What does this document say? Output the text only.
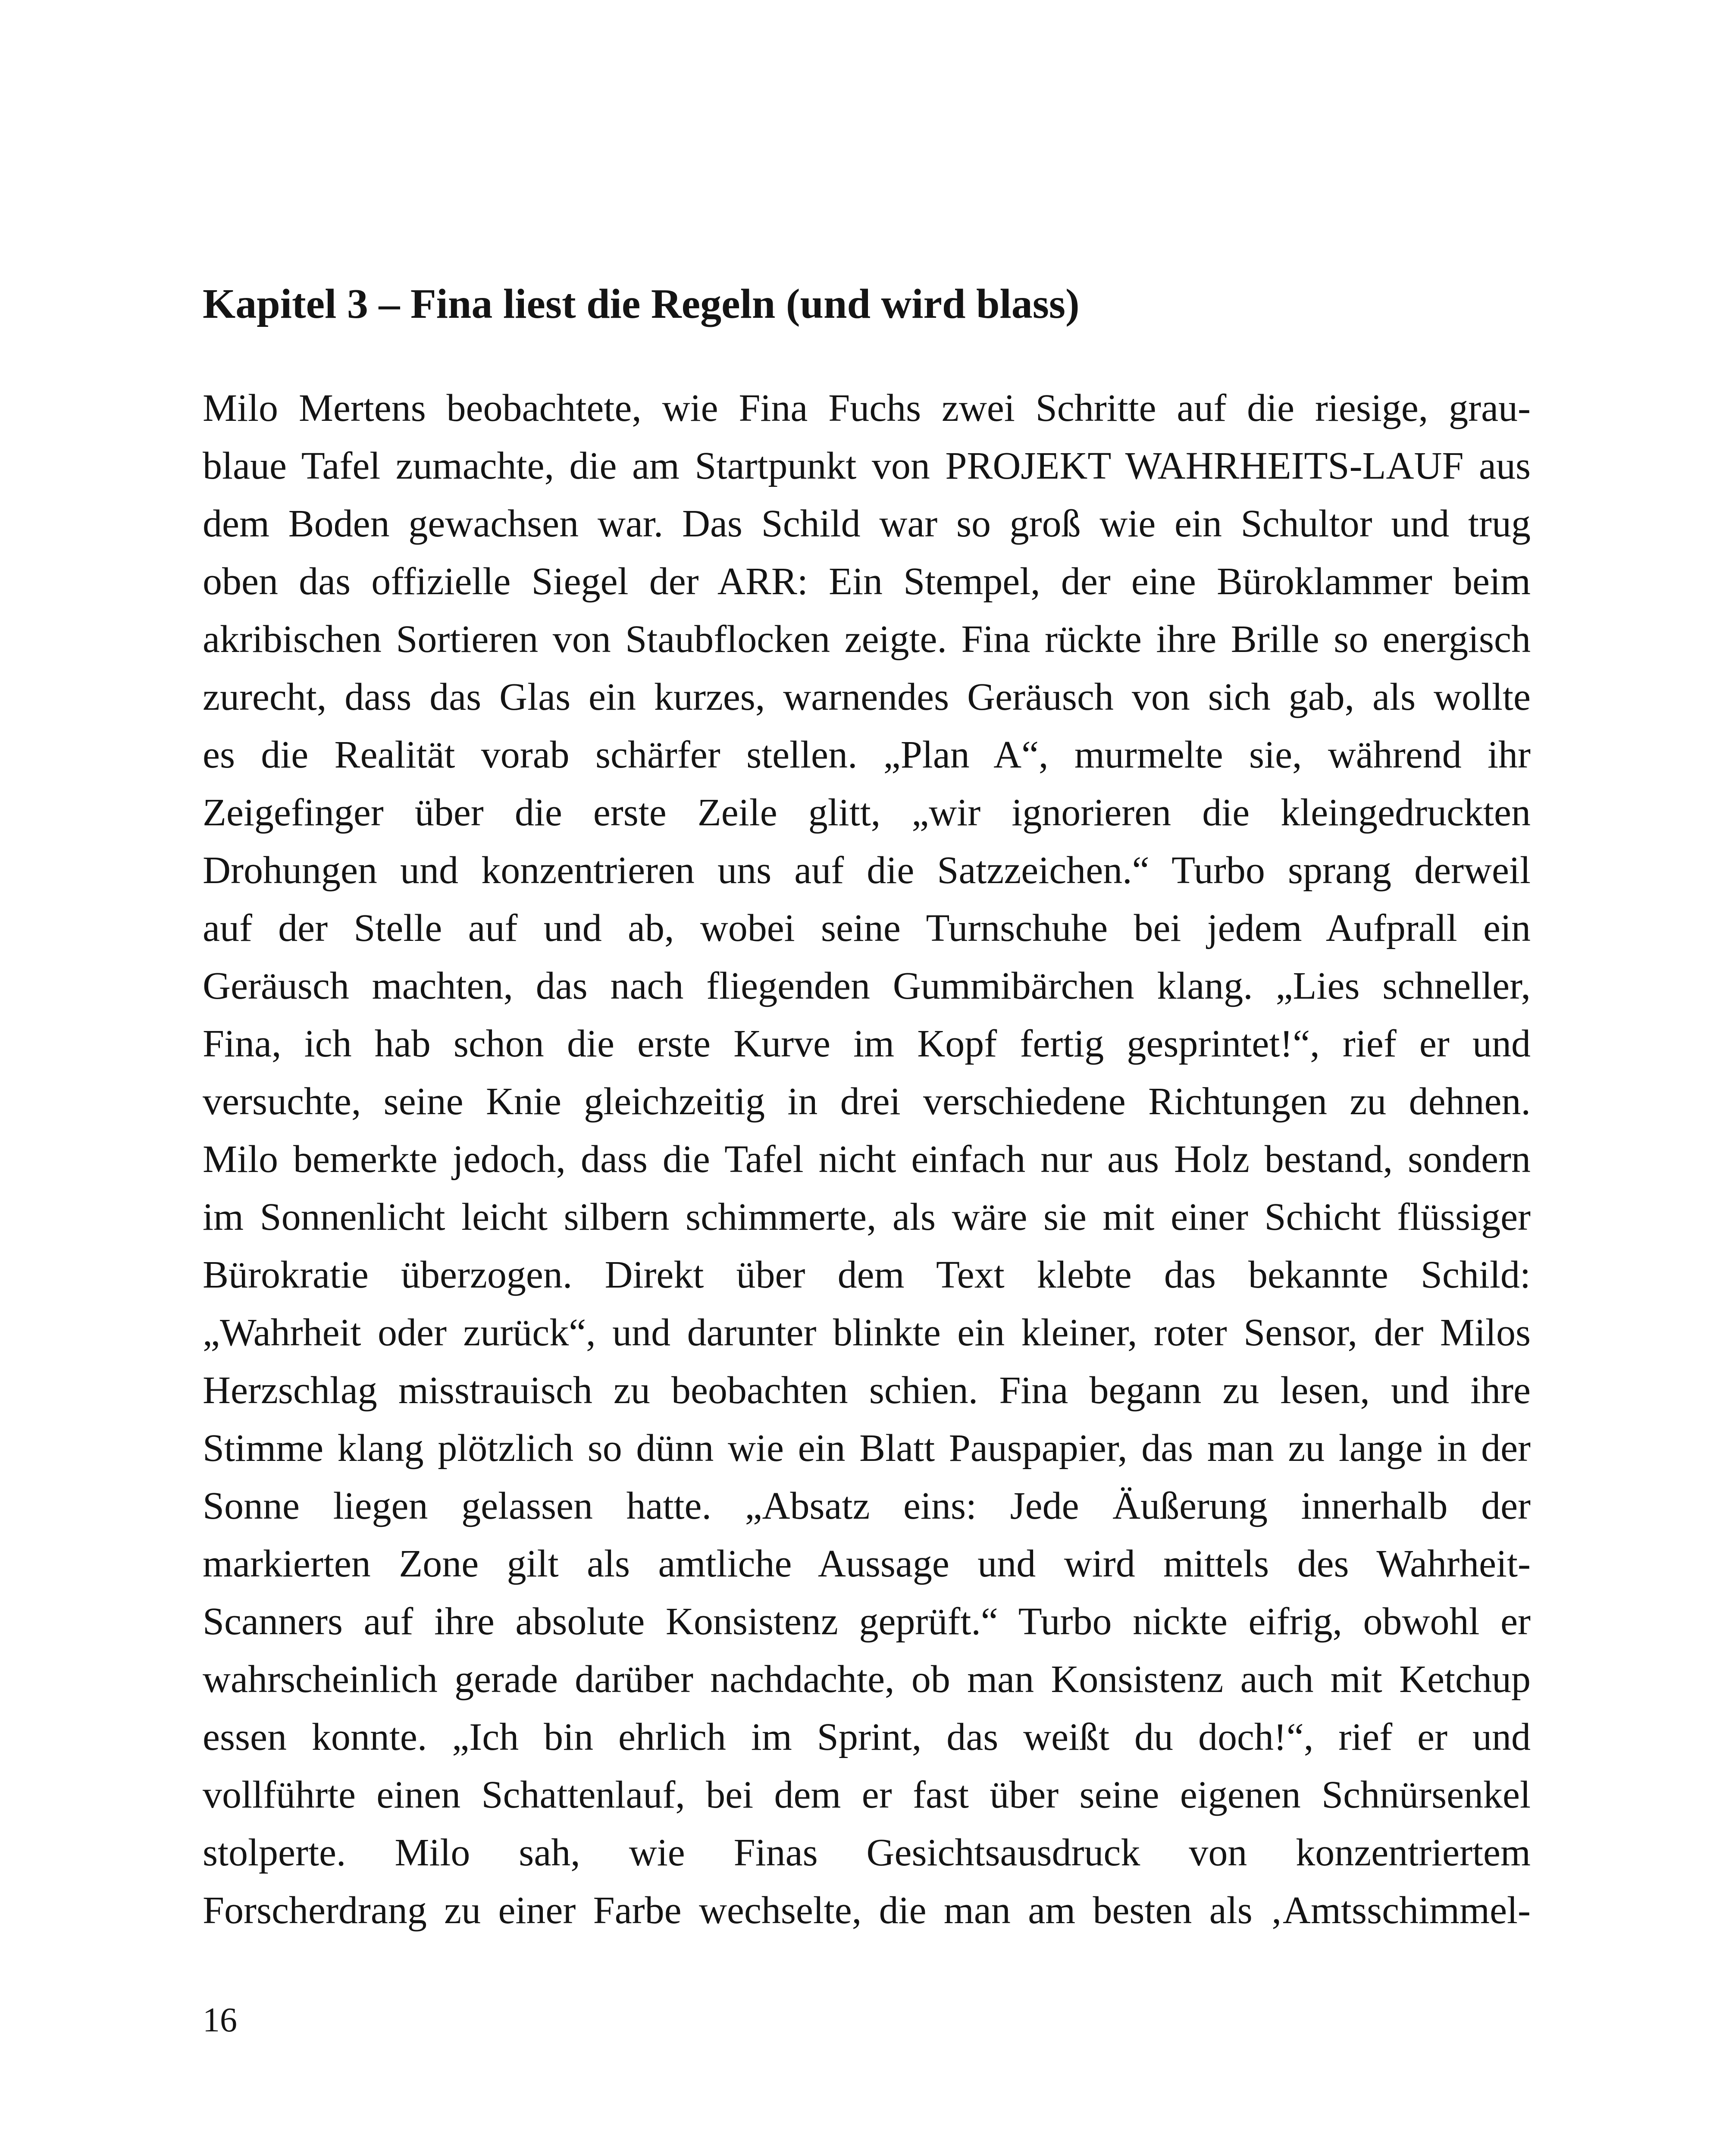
Kapitel 3 – Fina liest die Regeln (und wird blass)
Milo Mertens beobachtete, wie Fina Fuchs zwei Schritte auf die riesige, grau-
blaue Tafel zumachte, die am Startpunkt von PROJEKT WAHRHEITS-LAUF aus
dem Boden gewachsen war. Das Schild war so groß wie ein Schultor und trug
oben das offizielle Siegel der ARR: Ein Stempel, der eine Büroklammer beim
akribischen Sortieren von Staubflocken zeigte. Fina rückte ihre Brille so energisch
zurecht, dass das Glas ein kurzes, warnendes Geräusch von sich gab, als wollte
es die Realität vorab schärfer stellen. „Plan A“, murmelte sie, während ihr
Zeigefinger über die erste Zeile glitt, „wir ignorieren die kleingedruckten
Drohungen und konzentrieren uns auf die Satzzeichen.“ Turbo sprang derweil
auf der Stelle auf und ab, wobei seine Turnschuhe bei jedem Aufprall ein
Geräusch machten, das nach fliegenden Gummibärchen klang. „Lies schneller,
Fina, ich hab schon die erste Kurve im Kopf fertig gesprintet!“, rief er und
versuchte, seine Knie gleichzeitig in drei verschiedene Richtungen zu dehnen.
Milo bemerkte jedoch, dass die Tafel nicht einfach nur aus Holz bestand, sondern
im Sonnenlicht leicht silbern schimmerte, als wäre sie mit einer Schicht flüssiger
Bürokratie überzogen. Direkt über dem Text klebte das bekannte Schild:
„Wahrheit oder zurück“, und darunter blinkte ein kleiner, roter Sensor, der Milos
Herzschlag misstrauisch zu beobachten schien. Fina begann zu lesen, und ihre
Stimme klang plötzlich so dünn wie ein Blatt Pauspapier, das man zu lange in der
Sonne liegen gelassen hatte. „Absatz eins: Jede Äußerung innerhalb der
markierten Zone gilt als amtliche Aussage und wird mittels des Wahrheit-
Scanners auf ihre absolute Konsistenz geprüft.“ Turbo nickte eifrig, obwohl er
wahrscheinlich gerade darüber nachdachte, ob man Konsistenz auch mit Ketchup
essen konnte. „Ich bin ehrlich im Sprint, das weißt du doch!“, rief er und
vollführte einen Schattenlauf, bei dem er fast über seine eigenen Schnürsenkel
stolperte. Milo sah, wie Finas Gesichtsausdruck von konzentriertem
Forscherdrang zu einer Farbe wechselte, die man am besten als ‚Amtsschimmel-
16
